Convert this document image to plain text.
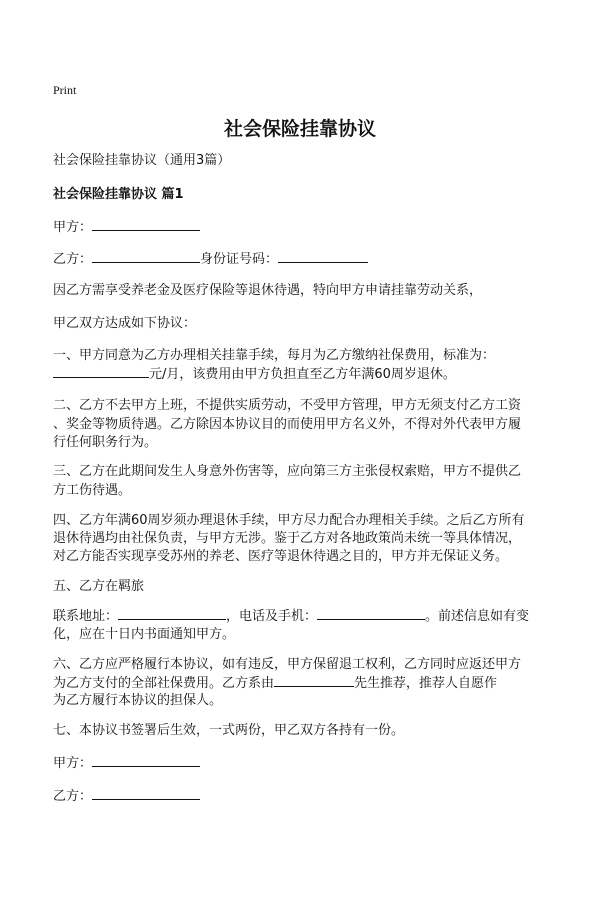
Print
社会保险挂靠协议
社会保险挂靠协议（通用3篇）
社会保险挂靠协议 篇1
甲方：
乙方：	身份证号码：
因乙方需享受养老金及医疗保险等退休待遇，特向甲方申请挂靠劳动关系，
甲乙双方达成如下协议：
一、甲方同意为乙方办理相关挂靠手续，每月为乙方缴纳社保费用，标准为：
元/月，该费用由甲方负担直至乙方年满60周岁退休。
二、乙方不去甲方上班，不提供实质劳动，不受甲方管理，甲方无须支付乙方工资
、奖金等物质待遇。乙方除因本协议目的而使用甲方名义外，不得对外代表甲方履
行任何职务行为。
三、乙方在此期间发生人身意外伤害等，应向第三方主张侵权索赔，甲方不提供乙
方工伤待遇。
四、乙方年满60周岁须办理退休手续，甲方尽力配合办理相关手续。之后乙方所有
退休待遇均由社保负责，与甲方无涉。鉴于乙方对各地政策尚未统一等具体情况，
对乙方能否实现享受苏州的养老、医疗等退休待遇之目的，甲方并无保证义务。
五、乙方在羁旅
联系地址：	，电话及手机：	。前述信息如有变
化，应在十日内书面通知甲方。
六、乙方应严格履行本协议，如有违反，甲方保留退工权利，乙方同时应返还甲方
为乙方支付的全部社保费用。乙方系由	先生推荐，推荐人自愿作
为乙方履行本协议的担保人。
七、本协议书签署后生效，一式两份，甲乙双方各持有一份。
甲方：
乙方：
